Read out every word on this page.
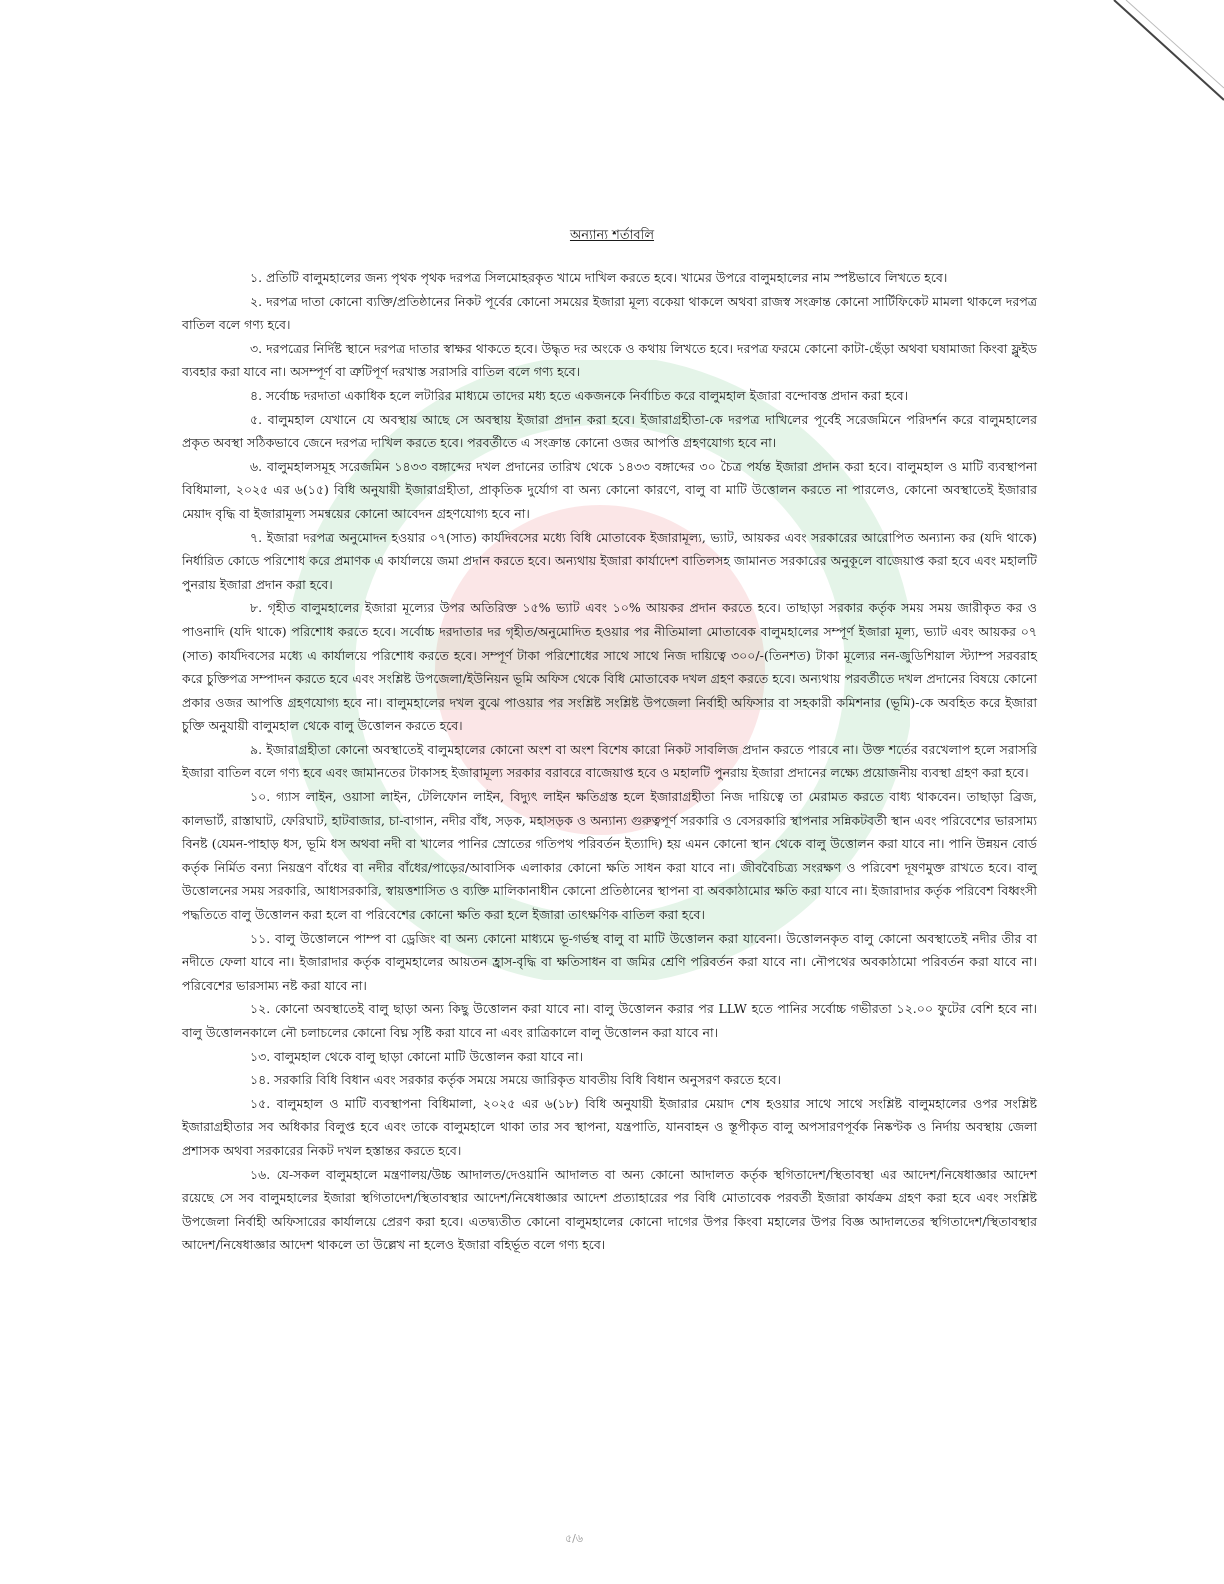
অন্যান্য শর্তাবলি

১. প্রতিটি বালুমহালের জন্য পৃথক পৃথক দরপত্র সিলমোহরকৃত খামে দাখিল করতে হবে। খামের উপরে বালুমহালের নাম স্পষ্টভাবে লিখতে হবে।

২. দরপত্র দাতা কোনো ব্যক্তি/প্রতিষ্ঠানের নিকট পূর্বের কোনো সময়ের ইজারা মূল্য বকেয়া থাকলে অথবা রাজস্ব সংক্রান্ত কোনো সার্টিফিকেট মামলা থাকলে দরপত্র বাতিল বলে গণ্য হবে।

৩. দরপত্রের নির্দিষ্ট স্থানে দরপত্র দাতার স্বাক্ষর থাকতে হবে। উদ্ধৃত দর অংকে ও কথায় লিখতে হবে। দরপত্র ফরমে কোনো কাটা-ছেঁড়া অথবা ঘষামাজা কিংবা ফ্লুইড ব্যবহার করা যাবে না। অসম্পূর্ণ বা ত্রুটিপূর্ণ দরখাস্ত সরাসরি বাতিল বলে গণ্য হবে।

৪. সর্বোচ্চ দরদাতা একাধিক হলে লটারির মাধ্যমে তাদের মধ্য হতে একজনকে নির্বাচিত করে বালুমহাল ইজারা বন্দোবস্ত প্রদান করা হবে।

৫. বালুমহাল যেখানে যে অবস্থায় আছে সে অবস্থায় ইজারা প্রদান করা হবে। ইজারাগ্রহীতা-কে দরপত্র দাখিলের পূর্বেই সরেজমিনে পরিদর্শন করে বালুমহালের প্রকৃত অবস্থা সঠিকভাবে জেনে দরপত্র দাখিল করতে হবে। পরবর্তীতে এ সংক্রান্ত কোনো ওজর আপত্তি গ্রহণযোগ্য হবে না।

৬. বালুমহালসমূহ সরেজমিন ১৪৩৩ বঙ্গাব্দের দখল প্রদানের তারিখ থেকে ১৪৩৩ বঙ্গাব্দের ৩০ চৈত্র পর্যন্ত ইজারা প্রদান করা হবে। বালুমহাল ও মাটি ব্যবস্থাপনা বিধিমালা, ২০২৫ এর ৬(১৫) বিধি অনুযায়ী ইজারাগ্রহীতা, প্রাকৃতিক দুর্যোগ বা অন্য কোনো কারণে, বালু বা মাটি উত্তোলন করতে না পারলেও, কোনো অবস্থাতেই ইজারার মেয়াদ বৃদ্ধি বা ইজারামূল্য সমন্বয়ের কোনো আবেদন গ্রহণযোগ্য হবে না।

৭. ইজারা দরপত্র অনুমোদন হওয়ার ০৭(সাত) কার্যদিবসের মধ্যে বিধি মোতাবেক ইজারামূল্য, ভ্যাট, আয়কর এবং সরকারের আরোপিত অন্যান্য কর (যদি থাকে) নির্ধারিত কোডে পরিশোধ করে প্রমাণক এ কার্যালয়ে জমা প্রদান করতে হবে। অন্যথায় ইজারা কার্যাদেশ বাতিলসহ জামানত সরকারের অনুকূলে বাজেয়াপ্ত করা হবে এবং মহালটি পুনরায় ইজারা প্রদান করা হবে।

৮. গৃহীত বালুমহালের ইজারা মূল্যের উপর অতিরিক্ত ১৫% ভ্যাট এবং ১০% আয়কর প্রদান করতে হবে। তাছাড়া সরকার কর্তৃক সময় সময় জারীকৃত কর ও পাওনাদি (যদি থাকে) পরিশোধ করতে হবে। সর্বোচ্চ দরদাতার দর গৃহীত/অনুমোদিত হওয়ার পর নীতিমালা মোতাবেক বালুমহালের সম্পূর্ণ ইজারা মূল্য, ভ্যাট এবং আয়কর ০৭ (সাত) কার্যদিবসের মধ্যে এ কার্যালয়ে পরিশোধ করতে হবে। সম্পূর্ণ টাকা পরিশোধের সাথে সাথে নিজ দায়িত্বে ৩০০/-(তিনশত) টাকা মূল্যের নন-জুডিশিয়াল স্ট্যাম্প সরবরাহ করে চুক্তিপত্র সম্পাদন করতে হবে এবং সংশ্লিষ্ট উপজেলা/ইউনিয়ন ভূমি অফিস থেকে বিধি মোতাবেক দখল গ্রহণ করতে হবে। অন্যথায় পরবর্তীতে দখল প্রদানের বিষয়ে কোনো প্রকার ওজর আপত্তি গ্রহণযোগ্য হবে না। বালুমহালের দখল বুঝে পাওয়ার পর সংশ্লিষ্ট সংশ্লিষ্ট উপজেলা নির্বাহী অফিসার বা সহকারী কমিশনার (ভূমি)-কে অবহিত করে ইজারা চুক্তি অনুযায়ী বালুমহাল থেকে বালু উত্তোলন করতে হবে।

৯. ইজারাগ্রহীতা কোনো অবস্থাতেই বালুমহালের কোনো অংশ বা অংশ বিশেষ কারো নিকট সাবলিজ প্রদান করতে পারবে না। উক্ত শর্তের বরখেলাপ হলে সরাসরি ইজারা বাতিল বলে গণ্য হবে এবং জামানতের টাকাসহ ইজারামূল্য সরকার বরাবরে বাজেয়াপ্ত হবে ও মহালটি পুনরায় ইজারা প্রদানের লক্ষ্যে প্রয়োজনীয় ব্যবস্থা গ্রহণ করা হবে।

১০. গ্যাস লাইন, ওয়াসা লাইন, টেলিফোন লাইন, বিদ্যুৎ লাইন ক্ষতিগ্রস্ত হলে ইজারাগ্রহীতা নিজ দায়িত্বে তা মেরামত করতে বাধ্য থাকবেন। তাছাড়া ব্রিজ, কালভার্ট, রাস্তাঘাট, ফেরিঘাট, হাটবাজার, চা-বাগান, নদীর বাঁধ, সড়ক, মহাসড়ক ও অন্যান্য গুরুত্বপূর্ণ সরকারি ও বেসরকারি স্থাপনার সন্নিকটবর্তী স্থান এবং পরিবেশের ভারসাম্য বিনষ্ট (যেমন-পাহাড় ধস, ভূমি ধস অথবা নদী বা খালের পানির স্রোতের গতিপথ পরিবর্তন ইত্যাদি) হয় এমন কোনো স্থান থেকে বালু উত্তোলন করা যাবে না। পানি উন্নয়ন বোর্ড কর্তৃক নির্মিত বন্যা নিয়ন্ত্রণ বাঁধের বা নদীর বাঁধের/পাড়ের/আবাসিক এলাকার কোনো ক্ষতি সাধন করা যাবে না। জীববৈচিত্র্য সংরক্ষণ ও পরিবেশ দূষণমুক্ত রাখতে হবে। বালু উত্তোলনের সময় সরকারি, আধাসরকারি, স্বায়ত্তশাসিত ও ব্যক্তি মালিকানাধীন কোনো প্রতিষ্ঠানের স্থাপনা বা অবকাঠামোর ক্ষতি করা যাবে না। ইজারাদার কর্তৃক পরিবেশ বিধ্বংসী পদ্ধতিতে বালু উত্তোলন করা হলে বা পরিবেশের কোনো ক্ষতি করা হলে ইজারা তাৎক্ষণিক বাতিল করা হবে।

১১. বালু উত্তোলনে পাম্প বা ড্রেজিং বা অন্য কোনো মাধ্যমে ভূ-গর্ভস্থ বালু বা মাটি উত্তোলন করা যাবেনা। উত্তোলনকৃত বালু কোনো অবস্থাতেই নদীর তীর বা নদীতে ফেলা যাবে না। ইজারাদার কর্তৃক বালুমহালের আয়তন হ্রাস-বৃদ্ধি বা ক্ষতিসাধন বা জমির শ্রেণি পরিবর্তন করা যাবে না। নৌপথের অবকাঠামো পরিবর্তন করা যাবে না। পরিবেশের ভারসাম্য নষ্ট করা যাবে না।

১২. কোনো অবস্থাতেই বালু ছাড়া অন্য কিছু উত্তোলন করা যাবে না। বালু উত্তোলন করার পর LLW হতে পানির সর্বোচ্চ গভীরতা ১২.০০ ফুটের বেশি হবে না। বালু উত্তোলনকালে নৌ চলাচলের কোনো বিঘ্ন সৃষ্টি করা যাবে না এবং রাত্রিকালে বালু উত্তোলন করা যাবে না।

১৩. বালুমহাল থেকে বালু ছাড়া কোনো মাটি উত্তোলন করা যাবে না।

১৪. সরকারি বিধি বিধান এবং সরকার কর্তৃক সময়ে সময়ে জারিকৃত যাবতীয় বিধি বিধান অনুসরণ করতে হবে।

১৫. বালুমহাল ও মাটি ব্যবস্থাপনা বিধিমালা, ২০২৫ এর ৬(১৮) বিধি অনুযায়ী ইজারার মেয়াদ শেষ হওয়ার সাথে সাথে সংশ্লিষ্ট বালুমহালের ওপর সংশ্লিষ্ট ইজারাগ্রহীতার সব অধিকার বিলুপ্ত হবে এবং তাকে বালুমহালে থাকা তার সব স্থাপনা, যন্ত্রপাতি, যানবাহন ও স্তূপীকৃত বালু অপসারণপূর্বক নিষ্কণ্টক ও নির্দায় অবস্থায় জেলা প্রশাসক অথবা সরকারের নিকট দখল হস্তান্তর করতে হবে।

১৬. যে-সকল বালুমহালে মন্ত্রণালয়/উচ্চ আদালত/দেওয়ানি আদালত বা অন্য কোনো আদালত কর্তৃক স্থগিতাদেশ/স্থিতাবস্থা এর আদেশ/নিষেধাজ্ঞার আদেশ রয়েছে সে সব বালুমহালের ইজারা স্থগিতাদেশ/স্থিতাবস্থার আদেশ/নিষেধাজ্ঞার আদেশ প্রত্যাহারের পর বিধি মোতাবেক পরবর্তী ইজারা কার্যক্রম গ্রহণ করা হবে এবং সংশ্লিষ্ট উপজেলা নির্বাহী অফিসারের কার্যালয়ে প্রেরণ করা হবে। এতদ্ব্যতীত কোনো বালুমহালের কোনো দাগের উপর কিংবা মহালের উপর বিজ্ঞ আদালতের স্থগিতাদেশ/স্থিতাবস্থার আদেশ/নিষেধাজ্ঞার আদেশ থাকলে তা উল্লেখ না হলেও ইজারা বহির্ভূত বলে গণ্য হবে।

৫/৬
